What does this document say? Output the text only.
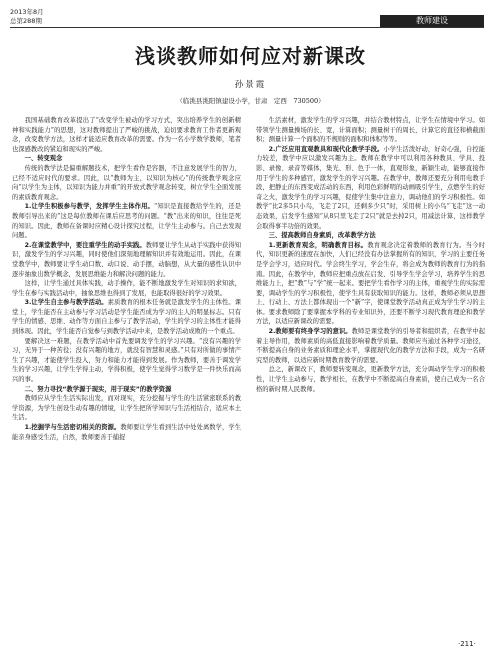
2013年8月
总第288期	教师建设
浅谈教师如何应对新课改
孙景霞
（临洮县洮阳镇建设小学，甘肃　定西　730500）

我国基础教育改革提出了“改变学生被动的学习方式，突出培养学生的创新精神和实践能力”的思想，这对教师提出了严峻的挑战，迫切要求教育工作者更新观念，改变教学方法，这样才能适应教育改革的需要。作为一名小学数学教师，笔者也深感教改的紧迫和现实的严峻。

一、转变观念

传统的教学法是偏重解题技术，把学生看作是容器，不注意发展学生的智力，已经不适应时代的要求。因此，以“教师为主，以知识为核心”的传统教学观念应向“以学生为主体，以知识为能力并重”的开放式教学观念转变，树立学生全面发展的素质教育观念。

1.让学生积极参与教学，发挥学生主体作用。“知识是直接教给学生的，还是教师引导出来的”这是每位教师在课后应思考的问题。“教”出来的知识，往往是死的知识。因此，教师在备课时应精心设计探究过程，让学生主动参与。自己去发现问题。

2.在课堂教学中，要注重学生的动手实践。教师要让学生从动手实践中获得知识，激发学生的学习兴趣，同时使他们深刻地理解知识并有效地运用。因此，在课堂教学中，教师要让学生动口数、动口说、动手摆，动脑想，从大量的感性认识中逐步抽象出数学概念，发展思维能力和解决问题的能力。

这样，让学生通过具体实践，动手操作，能不断地激发学生对知识的求知欲，学生在参与实践活动中，抽象思维也得到了发展，也能取得很好的学习效果。

3.让学生自主参与教学活动。素质教育的根本任务就是激发学生的主体性。课堂上，学生能否在主动参与学习活动是学生能否成为学习的主人的明显标志。只有学生的情感、思维、动作等方面自主参与了教学活动，学生的学习的主体性才能得到体现。因此，学生能否自觉参与到教学活动中来，是教学活动成败的一个重点。

要解决这一难题，在教学活动中首先要调发学生的学习兴趣。“没有兴趣的学习，无异于一种苦役；没有兴趣的地方，就没有智慧和灵感。”只有对所做的事情产生了兴趣，才能使学生投入，努力和能力才能得到发展。作为教师，要善于调发学生的学习兴趣，让学生学得主动，学得积极，使学生觉得学习数学是一件快乐而高兴的事。

二、努力寻找“教学源于现实，用于现实”的教学资源

教师应从学生生活实际出发，而对现实，充分挖掘与学生的生活紧密联系的教学资源，为学生创设生动有趣的情境，让学生把所学知识与生活相结合，适应本土生活。

1.挖掘学与生活密切相关的资源。教师要让学生看到生活中处处离数学，学生能亲身感受生活，自然，教师要善于捕捉

生活素材，激发学生的学习兴趣，并结合教材特点，让学生在情境中学习。如带领学生测量操场的长、宽，计算面积；测量树干的周长，计算它的直径和横截面积；测量计算一个面积的不规则的面积和体积等等。

2.广泛应用直观教具和现代化教学手段。小学生活泼好动，好奇心强，自控能力较差，教学中应以激发兴趣为主。教师在教学中可以利用各种教具、学具、投影、录像、录音等媒体，集光、形、色于一体，直观形象，新颖生动，能够直接作用于学生的多种感官，激发学生的学习兴趣。在教学中，教师还要充分利用电教手段，把静止的东西变成活动的东西，利用色彩鲜明的动画吸引学生，点燃学生的好奇之火，激发学生的学习兴趣，促使学生集中注意力，调动他们的学习积极性。如教学“比2多5只小鸟，飞走了2只，还剩多少只”时，采用树上的小鸟“飞走”这一动态效果，启发学生感知“从8只里飞走了2只”就是去掉2只，用减法计算，这样教学会取得事半功倍的效果。

三、提高教师自身素质，改革教学方法

1.更新教育观念，明确教育目标。教育观念决定着教师的教育行为。当今时代，知识更新的速度在加快，人们已经没有办法掌握所有的知识，学习的主要任务是学会学习，适应时代。学会终生学习，学会生存，将会成为教师的教育行为的指南。因此，在教学中，教师应把重点放在启发、引导学生学会学习，培养学生的思维能力上，把“教”与“学”统一起来。要把学生看作学习的主体，重视学生的实际需要，调动学生的学习积极性，使学生具有获取知识的能力。这样，教师必须从思想上、行动上、方法上都体现出一个“新”字，使课堂教学活动真正成为学生学习的主体。要求教师除了要掌握本学科的专业知识外，还要不断学习现代教育理论和教学方法，以适应新课改的需要。

2.教师要有终身学习的意识。教师是课堂教学的引导者和组织者，在教学中起着主导作用，教师素质的高低直接影响着教学质量。教师应当通过各种学习途径，不断提高自身的业务素质和理论水平，掌握现代化的教学方法和手段，成为一名研究型的教师，以适应新时期教育教学的需要。

总之，新课改下，教师要转变观念，更新教学方法，充分调动学生学习的积极性，让学生主动参与，教学相长，在教学中不断提高自身素质，使自己成为一名合格的新时期人民教师。

·211·
